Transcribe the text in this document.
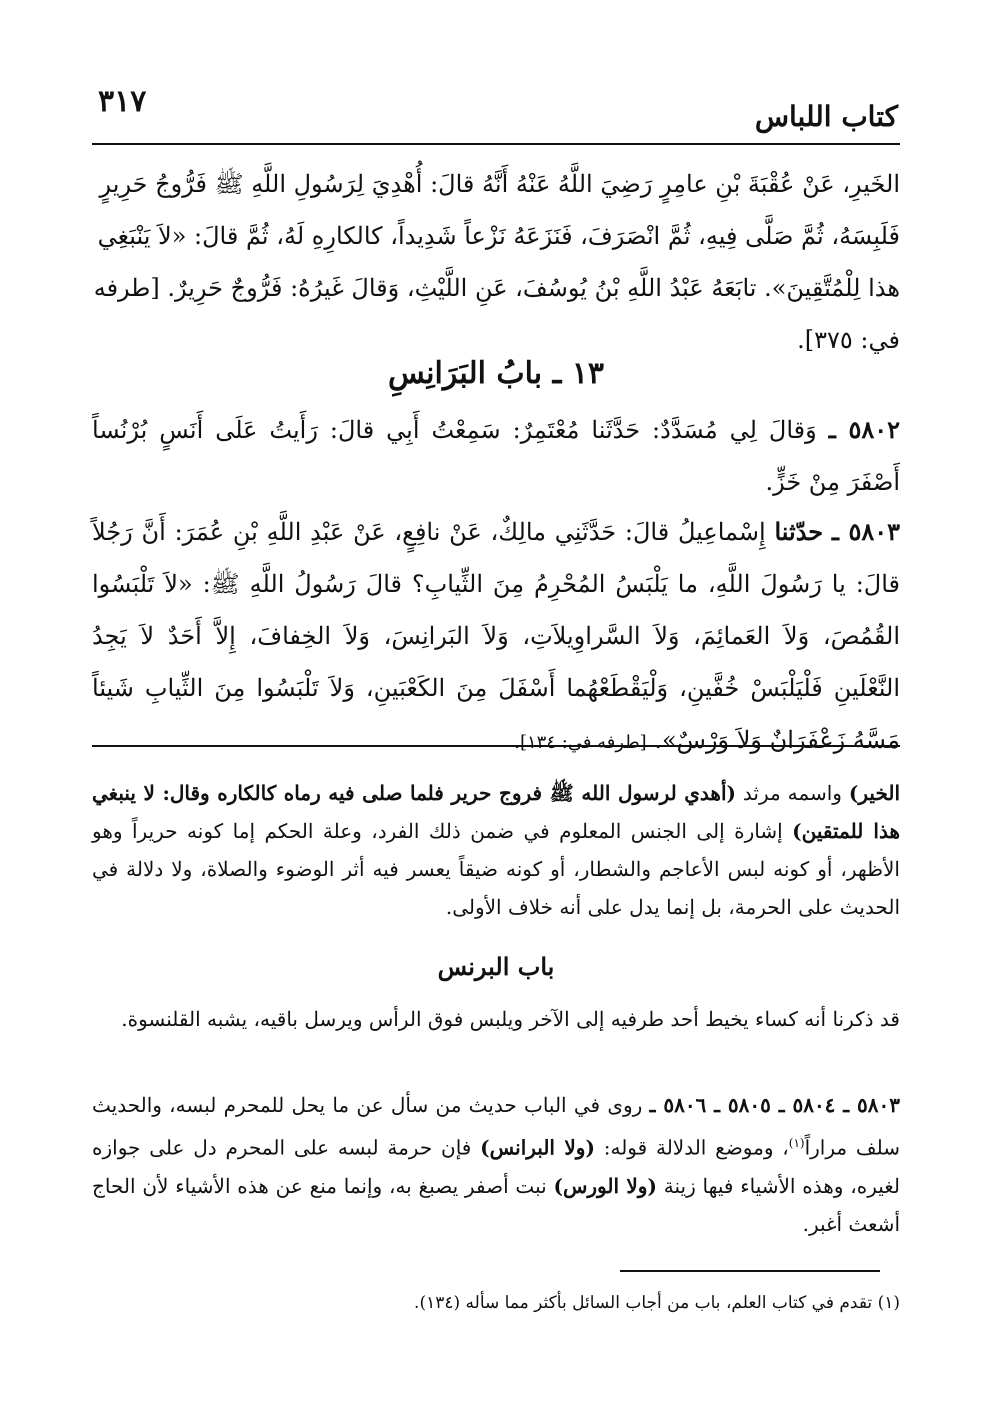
٣١٧	كتاب اللباس
الخَيرِ، عَنْ عُقْبَةَ بْنِ عامِرٍ رَضِيَ اللَّهُ عَنْهُ أَنَّهُ قالَ: أُهْدِيَ لِرَسُولِ اللَّهِ ﷺ فَرُّوجُ حَرِيرٍ
فَلَبِسَهُ، ثُمَّ صَلَّى فِيهِ، ثُمَّ انْصَرَفَ، فَنَزَعَهُ نَزْعاً شَدِيداً، كالكارِهِ لَهُ، ثُمَّ قالَ: «لاَ يَنْبَغِي
هذا لِلْمُتَّقِينَ». تابَعَهُ عَبْدُ اللَّهِ بْنُ يُوسُفَ، عَنِ اللَّيْثِ، وَقالَ غَيرُهُ: فَرُّوجٌ حَرِيرٌ. [طرفه
في: ٣٧٥].
١٣ ـ بابُ البَرَانِسِ
٥٨٠٢ ـ وَقالَ لِي مُسَدَّدٌ: حَدَّثَنا مُعْتَمِرٌ: سَمِعْتُ أَبِي قالَ: رَأَيتُ عَلَى أَنَسٍ بُرْنُساً أَصْفَرَ مِنْ خَزٍّ.
٥٨٠٣ ـ حدّثنا إِسْماعِيلُ قالَ: حَدَّثَنِي مالِكٌ، عَنْ نافِعٍ، عَنْ عَبْدِ اللَّهِ بْنِ عُمَرَ: أَنَّ رَجُلاً قالَ: يا رَسُولَ اللَّهِ، ما يَلْبَسُ المُحْرِمُ مِنَ الثِّيابِ؟ قالَ رَسُولُ اللَّهِ ﷺ: «لاَ تَلْبَسُوا القُمُصَ، وَلاَ العَمائِمَ، وَلاَ السَّراوِيلاَتِ، وَلاَ البَرانِسَ، وَلاَ الخِفافَ، إِلاَّ أَحَدٌ لاَ يَجِدُ النَّعْلَينِ فَلْيَلْبَسْ خُفَّينِ، وَلْيَقْطَعْهُما أَسْفَلَ مِنَ الكَعْبَينِ، وَلاَ تَلْبَسُوا مِنَ الثِّيابِ شَيئاً مَسَّهُ زَعْفَرَانٌ وَلاَ وَرْسٌ». [طرفه في: ١٣٤].
الخير) واسمه مرثد (أهدي لرسول الله ﷺ فروج حرير فلما صلى فيه رماه كالكاره وقال: لا ينبغي هذا للمتقين) إشارة إلى الجنس المعلوم في ضمن ذلك الفرد، وعلة الحكم إما كونه حريراً وهو الأظهر، أو كونه لبس الأعاجم والشطار، أو كونه ضيقاً يعسر فيه أثر الوضوء والصلاة، ولا دلالة في الحديث على الحرمة، بل إنما يدل على أنه خلاف الأولى.
باب البرنس
قد ذكرنا أنه كساء يخيط أحد طرفيه إلى الآخر ويلبس فوق الرأس ويرسل باقيه، يشبه القلنسوة.
٥٨٠٣ ـ ٥٨٠٤ ـ ٥٨٠٥ ـ ٥٨٠٦ ـ روى في الباب حديث من سأل عن ما يحل للمحرم لبسه، والحديث سلف مراراً$^{(١)}$، وموضع الدلالة قوله: (ولا البرانس) فإن حرمة لبسه على المحرم دل على جوازه لغيره، وهذه الأشياء فيها زينة (ولا الورس) نبت أصفر يصبغ به، وإنما منع عن هذه الأشياء لأن الحاج أشعث أغبر.
(١) تقدم في كتاب العلم، باب من أجاب السائل بأكثر مما سأله (١٣٤).
